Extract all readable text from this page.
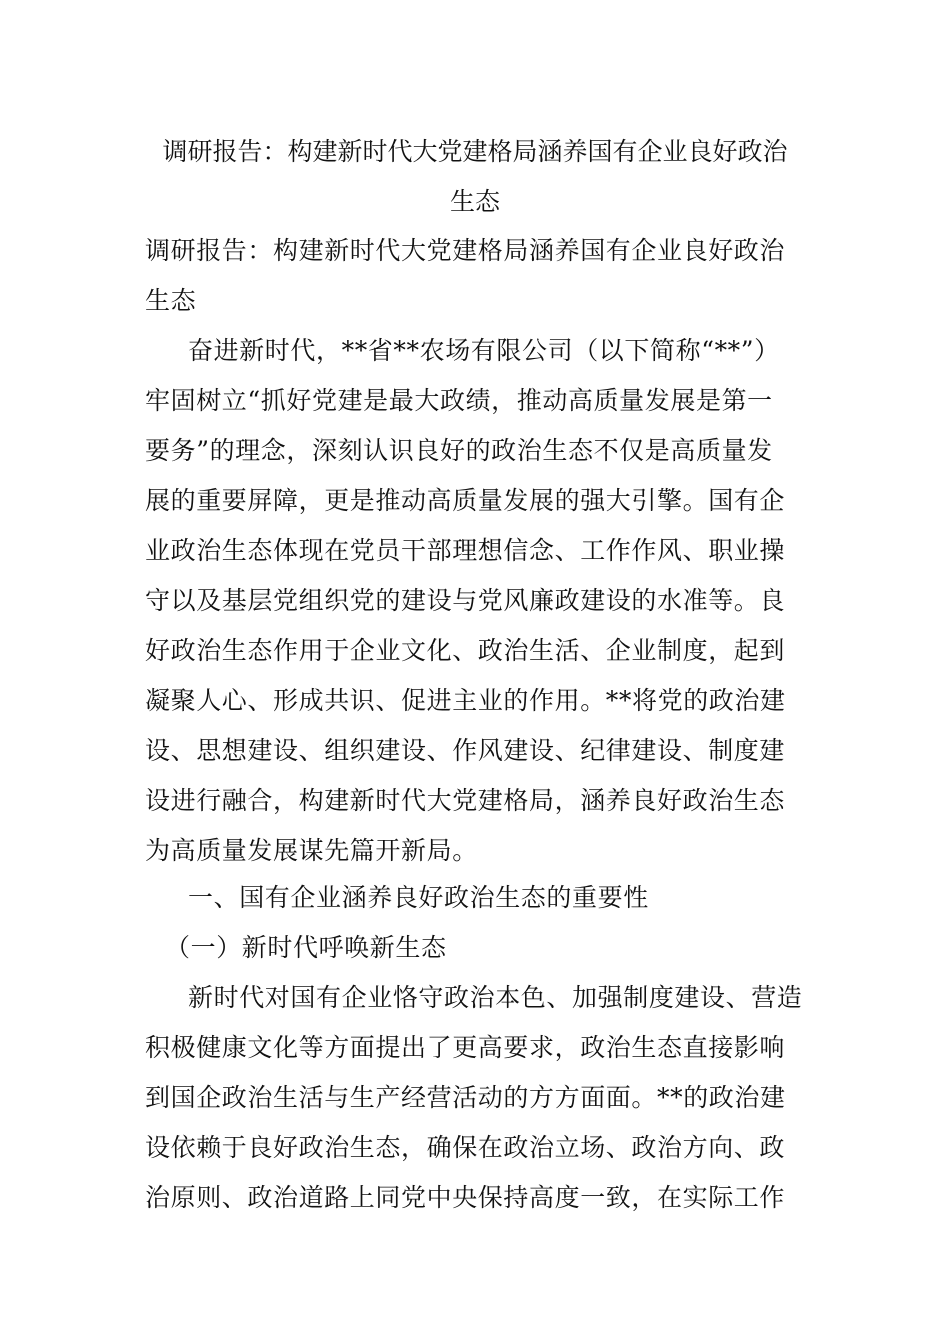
调研报告：构建新时代大党建格局涵养国有企业良好政治
生态

调研报告：构建新时代大党建格局涵养国有企业良好政治

生态

奋进新时代，**省**农场有限公司（以下简称“**”）

牢固树立“抓好党建是最大政绩，推动高质量发展是第一

要务”的理念，深刻认识良好的政治生态不仅是高质量发

展的重要屏障，更是推动高质量发展的强大引擎。国有企

业政治生态体现在党员干部理想信念、工作作风、职业操

守以及基层党组织党的建设与党风廉政建设的水准等。良

好政治生态作用于企业文化、政治生活、企业制度，起到

凝聚人心、形成共识、促进主业的作用。**将党的政治建

设、思想建设、组织建设、作风建设、纪律建设、制度建

设进行融合，构建新时代大党建格局，涵养良好政治生态

为高质量发展谋先篇开新局。

一、国有企业涵养良好政治生态的重要性
（一）新时代呼唤新生态

新时代对国有企业恪守政治本色、加强制度建设、营造

积极健康文化等方面提出了更高要求，政治生态直接影响

到国企政治生活与生产经营活动的方方面面。**的政治建

设依赖于良好政治生态，确保在政治立场、政治方向、政

治原则、政治道路上同党中央保持高度一致，在实际工作
